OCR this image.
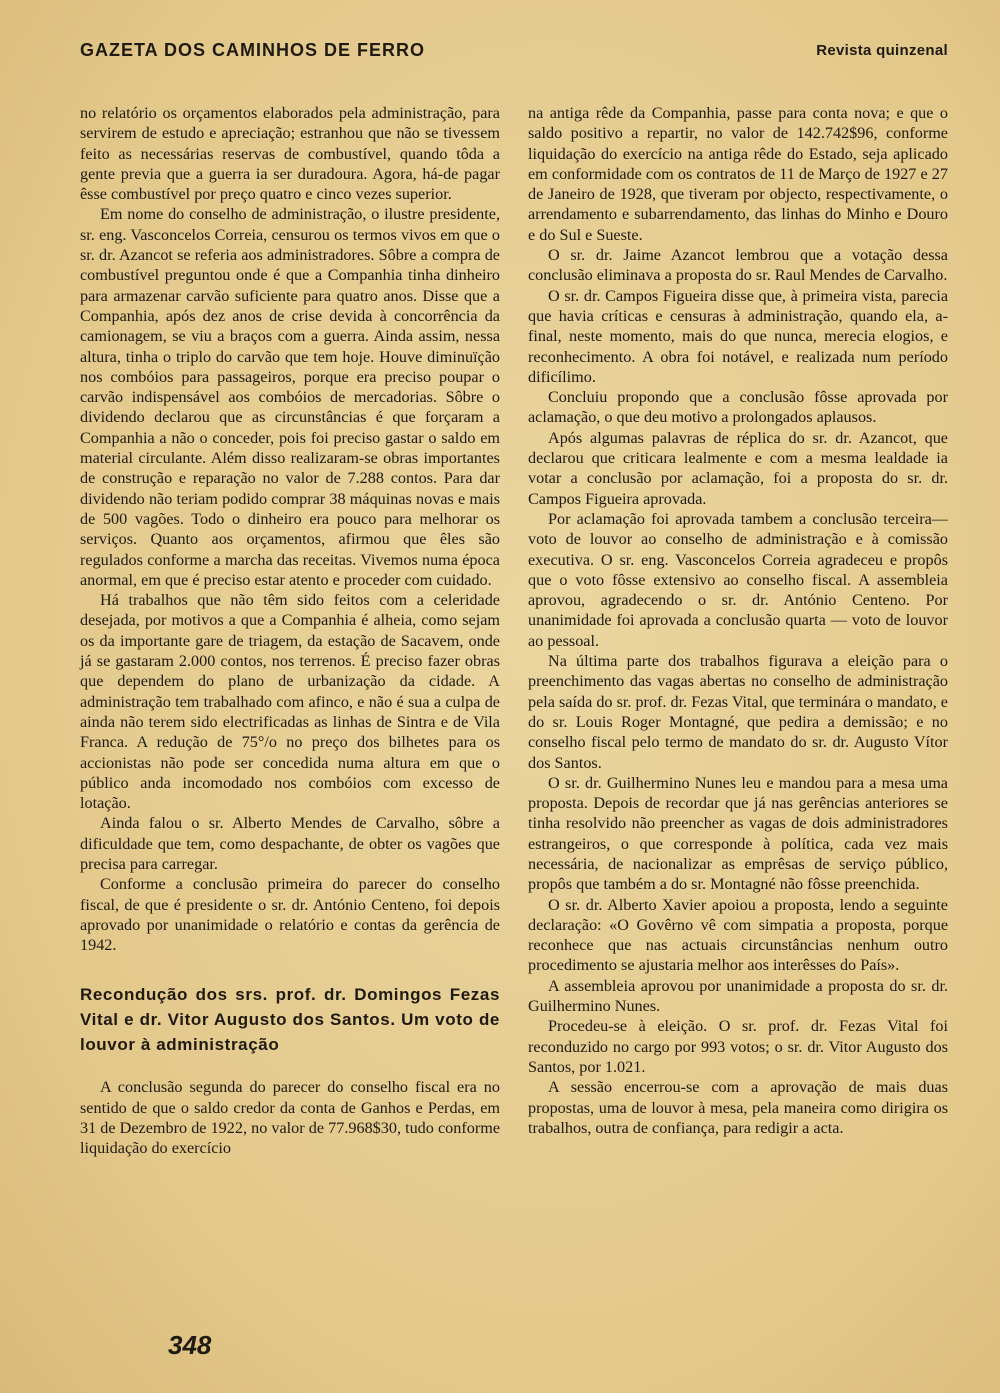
GAZETA DOS CAMINHOS DE FERRO	Revista quinzenal

no relatório os orçamentos elaborados pela administração, para servirem de estudo e apreciação; estranhou que não se tivessem feito as necessárias reservas de combustível, quando tôda a gente previa que a guerra ia ser duradoura. Agora, há-de pagar êsse combustível por preço quatro e cinco vezes superior.

Em nome do conselho de administração, o ilustre presidente, sr. eng. Vasconcelos Correia, censurou os termos vivos em que o sr. dr. Azancot se referia aos administradores. Sôbre a compra de combustível preguntou onde é que a Companhia tinha dinheiro para armazenar carvão suficiente para quatro anos. Disse que a Companhia, após dez anos de crise devida à concorrência da camionagem, se viu a braços com a guerra. Ainda assim, nessa altura, tinha o triplo do carvão que tem hoje. Houve diminuïção nos combóios para passageiros, porque era preciso poupar o carvão indispensável aos combóios de mercadorias. Sôbre o dividendo declarou que as circunstâncias é que forçaram a Companhia a não o conceder, pois foi preciso gastar o saldo em material circulante. Além disso realizaram-se obras importantes de construção e reparação no valor de 7.288 contos. Para dar dividendo não teriam podido comprar 38 máquinas novas e mais de 500 vagões. Todo o dinheiro era pouco para melhorar os serviços. Quanto aos orçamentos, afirmou que êles são regulados conforme a marcha das receitas. Vivemos numa época anormal, em que é preciso estar atento e proceder com cuidado.

Há trabalhos que não têm sido feitos com a celeridade desejada, por motivos a que a Companhia é alheia, como sejam os da importante gare de triagem, da estação de Sacavem, onde já se gastaram 2.000 contos, nos terrenos. É preciso fazer obras que dependem do plano de urbanização da cidade. A administração tem trabalhado com afinco, e não é sua a culpa de ainda não terem sido electrificadas as linhas de Sintra e de Vila Franca. A redução de 75°/o no preço dos bilhetes para os accionistas não pode ser concedida numa altura em que o público anda incomodado nos combóios com excesso de lotação.

Ainda falou o sr. Alberto Mendes de Carvalho, sôbre a dificuldade que tem, como despachante, de obter os vagões que precisa para carregar.

Conforme a conclusão primeira do parecer do conselho fiscal, de que é presidente o sr. dr. António Centeno, foi depois aprovado por unanimidade o relatório e contas da gerência de 1942.

Recondução dos srs. prof. dr. Domingos Fezas Vital e dr. Vitor Augusto dos Santos. Um voto de louvor à administração

A conclusão segunda do parecer do conselho fiscal era no sentido de que o saldo credor da conta de Ganhos e Perdas, em 31 de Dezembro de 1922, no valor de 77.968$30, tudo conforme liquidação do exercício

na antiga rêde da Companhia, passe para conta nova; e que o saldo positivo a repartir, no valor de 142.742$96, conforme liquidação do exercício na antiga rêde do Estado, seja aplicado em conformidade com os contratos de 11 de Março de 1927 e 27 de Janeiro de 1928, que tiveram por objecto, respectivamente, o arrendamento e subarrendamento, das linhas do Minho e Douro e do Sul e Sueste.

O sr. dr. Jaime Azancot lembrou que a votação dessa conclusão eliminava a proposta do sr. Raul Mendes de Carvalho.

O sr. dr. Campos Figueira disse que, à primeira vista, parecia que havia críticas e censuras à administração, quando ela, a-final, neste momento, mais do que nunca, merecia elogios, e reconhecimento. A obra foi notável, e realizada num período dificílimo.

Concluiu propondo que a conclusão fôsse aprovada por aclamação, o que deu motivo a prolongados aplausos.

Após algumas palavras de réplica do sr. dr. Azancot, que declarou que criticara lealmente e com a mesma lealdade ia votar a conclusão por aclamação, foi a proposta do sr. dr. Campos Figueira aprovada.

Por aclamação foi aprovada tambem a conclusão terceira—voto de louvor ao conselho de administração e à comissão executiva. O sr. eng. Vasconcelos Correia agradeceu e propôs que o voto fôsse extensivo ao conselho fiscal. A assembleia aprovou, agradecendo o sr. dr. António Centeno. Por unanimidade foi aprovada a conclusão quarta — voto de louvor ao pessoal.

Na última parte dos trabalhos figurava a eleição para o preenchimento das vagas abertas no conselho de administração pela saída do sr. prof. dr. Fezas Vital, que terminára o mandato, e do sr. Louis Roger Montagné, que pedira a demissão; e no conselho fiscal pelo termo de mandato do sr. dr. Augusto Vítor dos Santos.

O sr. dr. Guilhermino Nunes leu e mandou para a mesa uma proposta. Depois de recordar que já nas gerências anteriores se tinha resolvido não preencher as vagas de dois administradores estrangeiros, o que corresponde à política, cada vez mais necessária, de nacionalizar as emprêsas de serviço público, propôs que também a do sr. Montagné não fôsse preenchida.

O sr. dr. Alberto Xavier apoiou a proposta, lendo a seguinte declaração: «O Govêrno vê com simpatia a proposta, porque reconhece que nas actuais circunstâncias nenhum outro procedimento se ajustaria melhor aos interêsses do País».

A assembleia aprovou por unanimidade a proposta do sr. dr. Guilhermino Nunes.

Procedeu-se à eleição. O sr. prof. dr. Fezas Vital foi reconduzido no cargo por 993 votos; o sr. dr. Vitor Augusto dos Santos, por 1.021.

A sessão encerrou-se com a aprovação de mais duas propostas, uma de louvor à mesa, pela maneira como dirigira os trabalhos, outra de confiança, para redigir a acta.

348
